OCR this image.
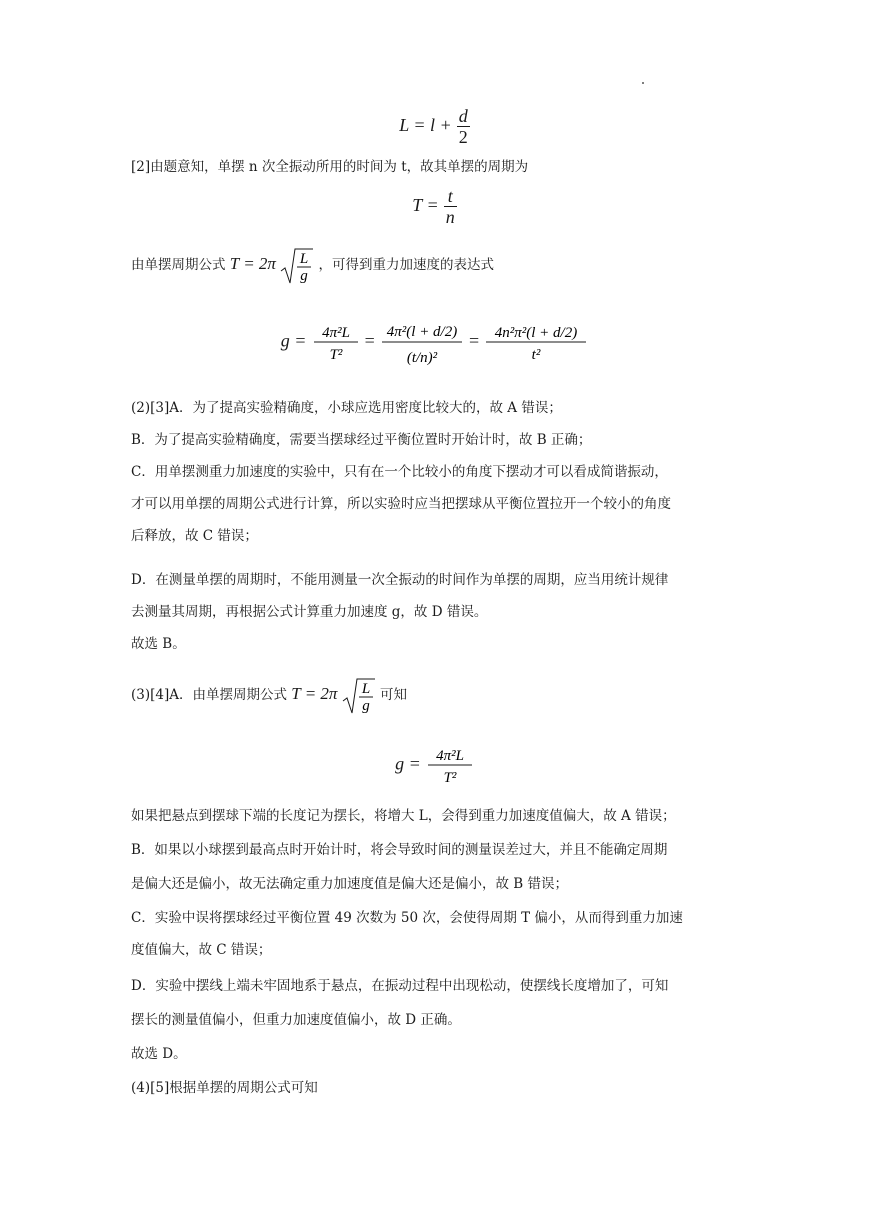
$L = l + \frac{d}{2}$
[2]由题意知，单摆 n 次全振动所用的时间为 t，故其单摆的周期为
$T = \frac{t}{n}$
由单摆周期公式 T = 2π L
g
，可得到重力加速度的表达式
g = 4π²L
T²
= 4π²(l + d/2)
(t/n)²
= 4n²π²(l + d/2)
t²
(2)[3]A．为了提高实验精确度，小球应选用密度比较大的，故 A 错误；
B．为了提高实验精确度，需要当摆球经过平衡位置时开始计时，故 B 正确；
C．用单摆测重力加速度的实验中，只有在一个比较小的角度下摆动才可以看成简谐振动，
才可以用单摆的周期公式进行计算，所以实验时应当把摆球从平衡位置拉开一个较小的角度
后释放，故 C 错误；
D．在测量单摆的周期时，不能用测量一次全振动的时间作为单摆的周期，应当用统计规律
去测量其周期，再根据公式计算重力加速度 g，故 D 错误。
故选 B。
(3)[4]A．由单摆周期公式 T = 2π L
g
可知
g = 4π²L
T²
如果把悬点到摆球下端的长度记为摆长，将增大 L，会得到重力加速度值偏大，故 A 错误；
B．如果以小球摆到最高点时开始计时，将会导致时间的测量误差过大，并且不能确定周期
是偏大还是偏小，故无法确定重力加速度值是偏大还是偏小，故 B 错误；
C．实验中误将摆球经过平衡位置 49 次数为 50 次，会使得周期 T 偏小，从而得到重力加速
度值偏大，故 C 错误；
D．实验中摆线上端未牢固地系于悬点，在振动过程中出现松动，使摆线长度增加了，可知
摆长的测量值偏小，但重力加速度值偏小，故 D 正确。
故选 D。
(4)[5]根据单摆的周期公式可知
